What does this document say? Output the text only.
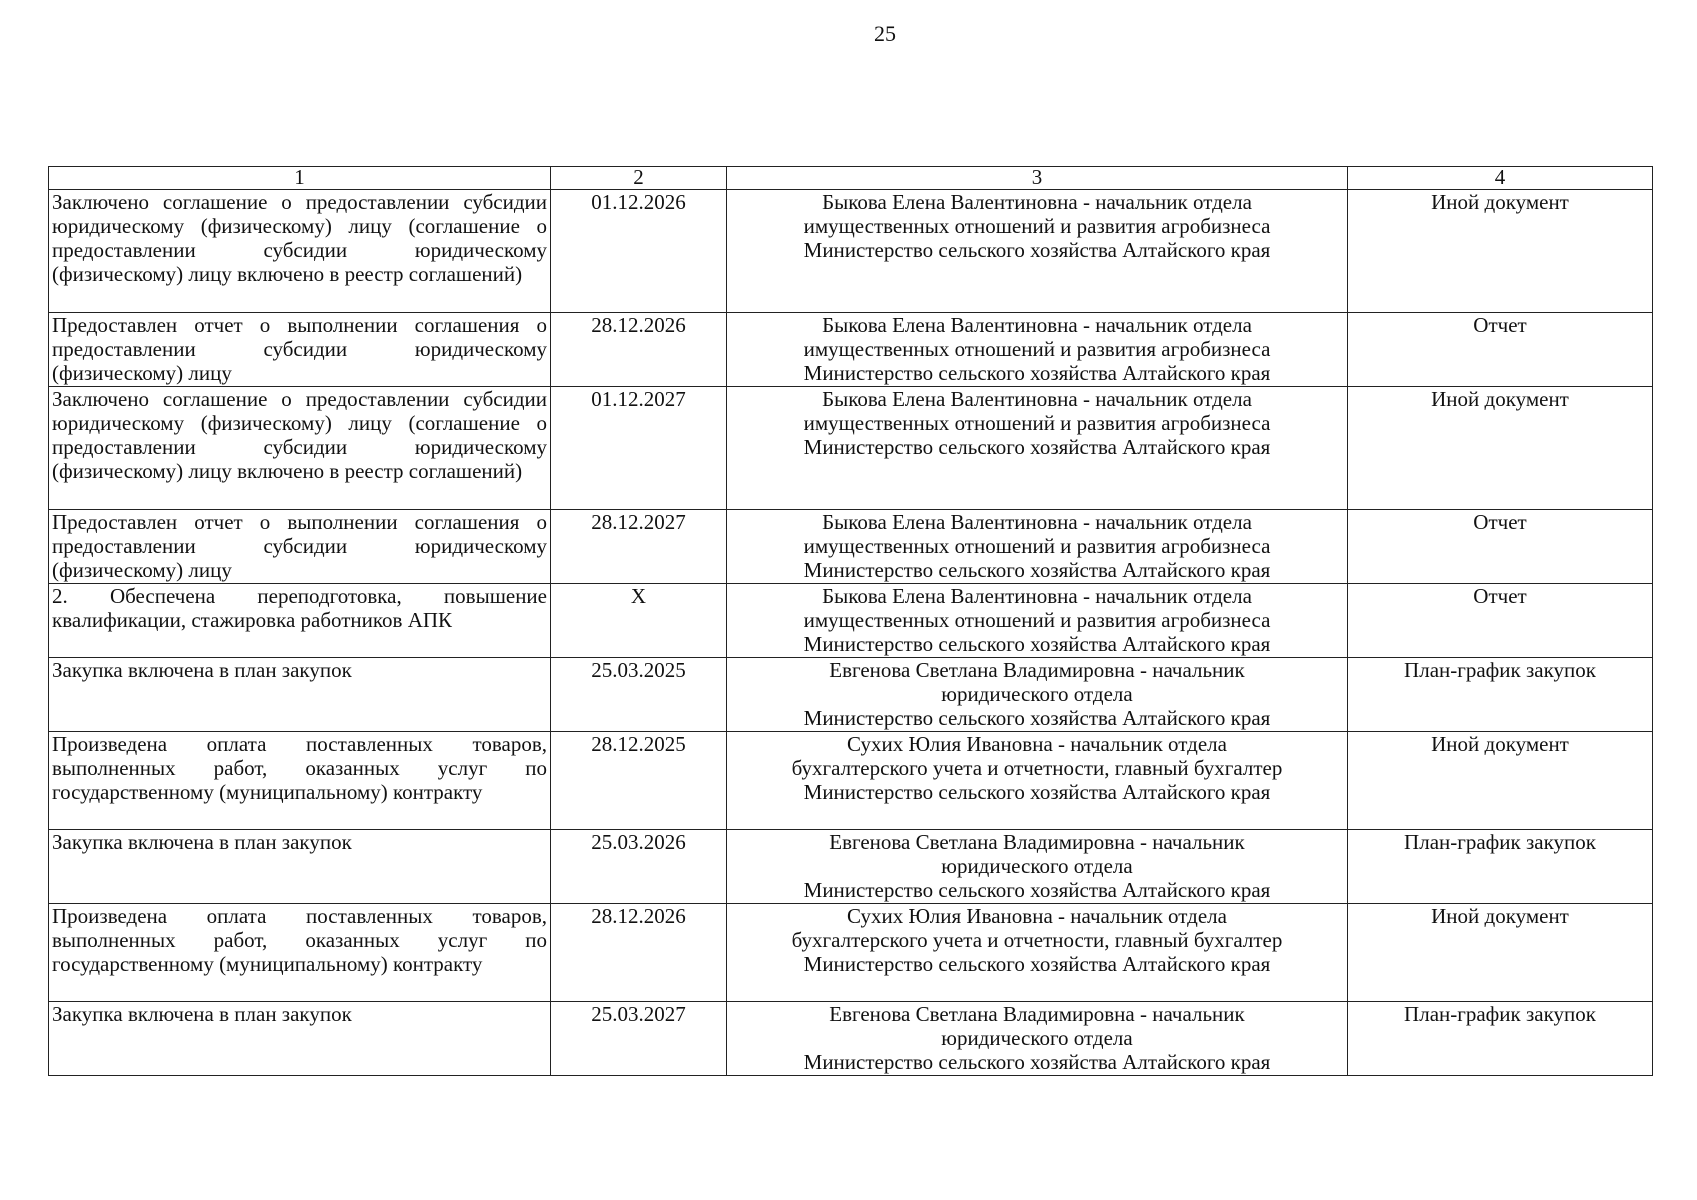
25
1	2	3	4
Заключено соглашение о предоставлении субсидии юридическому (физическому) лицу (соглашение о предоставлении субсидии юридическому (физическому) лицу включено в реестр соглашений)	01.12.2026	Быкова Елена Валентиновна - начальник отдела
имущественных отношений и развития агробизнеса
Министерство сельского хозяйства Алтайского края	Иной документ
Предоставлен отчет о выполнении соглашения о предоставлении субсидии юридическому (физическому) лицу	28.12.2026	Быкова Елена Валентиновна - начальник отдела
имущественных отношений и развития агробизнеса
Министерство сельского хозяйства Алтайского края	Отчет
Заключено соглашение о предоставлении субсидии юридическому (физическому) лицу (соглашение о предоставлении субсидии юридическому (физическому) лицу включено в реестр соглашений)	01.12.2027	Быкова Елена Валентиновна - начальник отдела
имущественных отношений и развития агробизнеса
Министерство сельского хозяйства Алтайского края	Иной документ
Предоставлен отчет о выполнении соглашения о предоставлении субсидии юридическому (физическому) лицу	28.12.2027	Быкова Елена Валентиновна - начальник отдела
имущественных отношений и развития агробизнеса
Министерство сельского хозяйства Алтайского края	Отчет
2. Обеспечена переподготовка, повышение квалификации, стажировка работников АПК	X	Быкова Елена Валентиновна - начальник отдела
имущественных отношений и развития агробизнеса
Министерство сельского хозяйства Алтайского края	Отчет
Закупка включена в план закупок	25.03.2025	Евгенова Светлана Владимировна - начальник
юридического отдела
Министерство сельского хозяйства Алтайского края	План-график закупок
Произведена оплата поставленных товаров, выполненных работ, оказанных услуг по государственному (муниципальному) контракту	28.12.2025	Сухих Юлия Ивановна - начальник отдела
бухгалтерского учета и отчетности, главный бухгалтер
Министерство сельского хозяйства Алтайского края	Иной документ
Закупка включена в план закупок	25.03.2026	Евгенова Светлана Владимировна - начальник
юридического отдела
Министерство сельского хозяйства Алтайского края	План-график закупок
Произведена оплата поставленных товаров, выполненных работ, оказанных услуг по государственному (муниципальному) контракту	28.12.2026	Сухих Юлия Ивановна - начальник отдела
бухгалтерского учета и отчетности, главный бухгалтер
Министерство сельского хозяйства Алтайского края	Иной документ
Закупка включена в план закупок	25.03.2027	Евгенова Светлана Владимировна - начальник
юридического отдела
Министерство сельского хозяйства Алтайского края	План-график закупок
